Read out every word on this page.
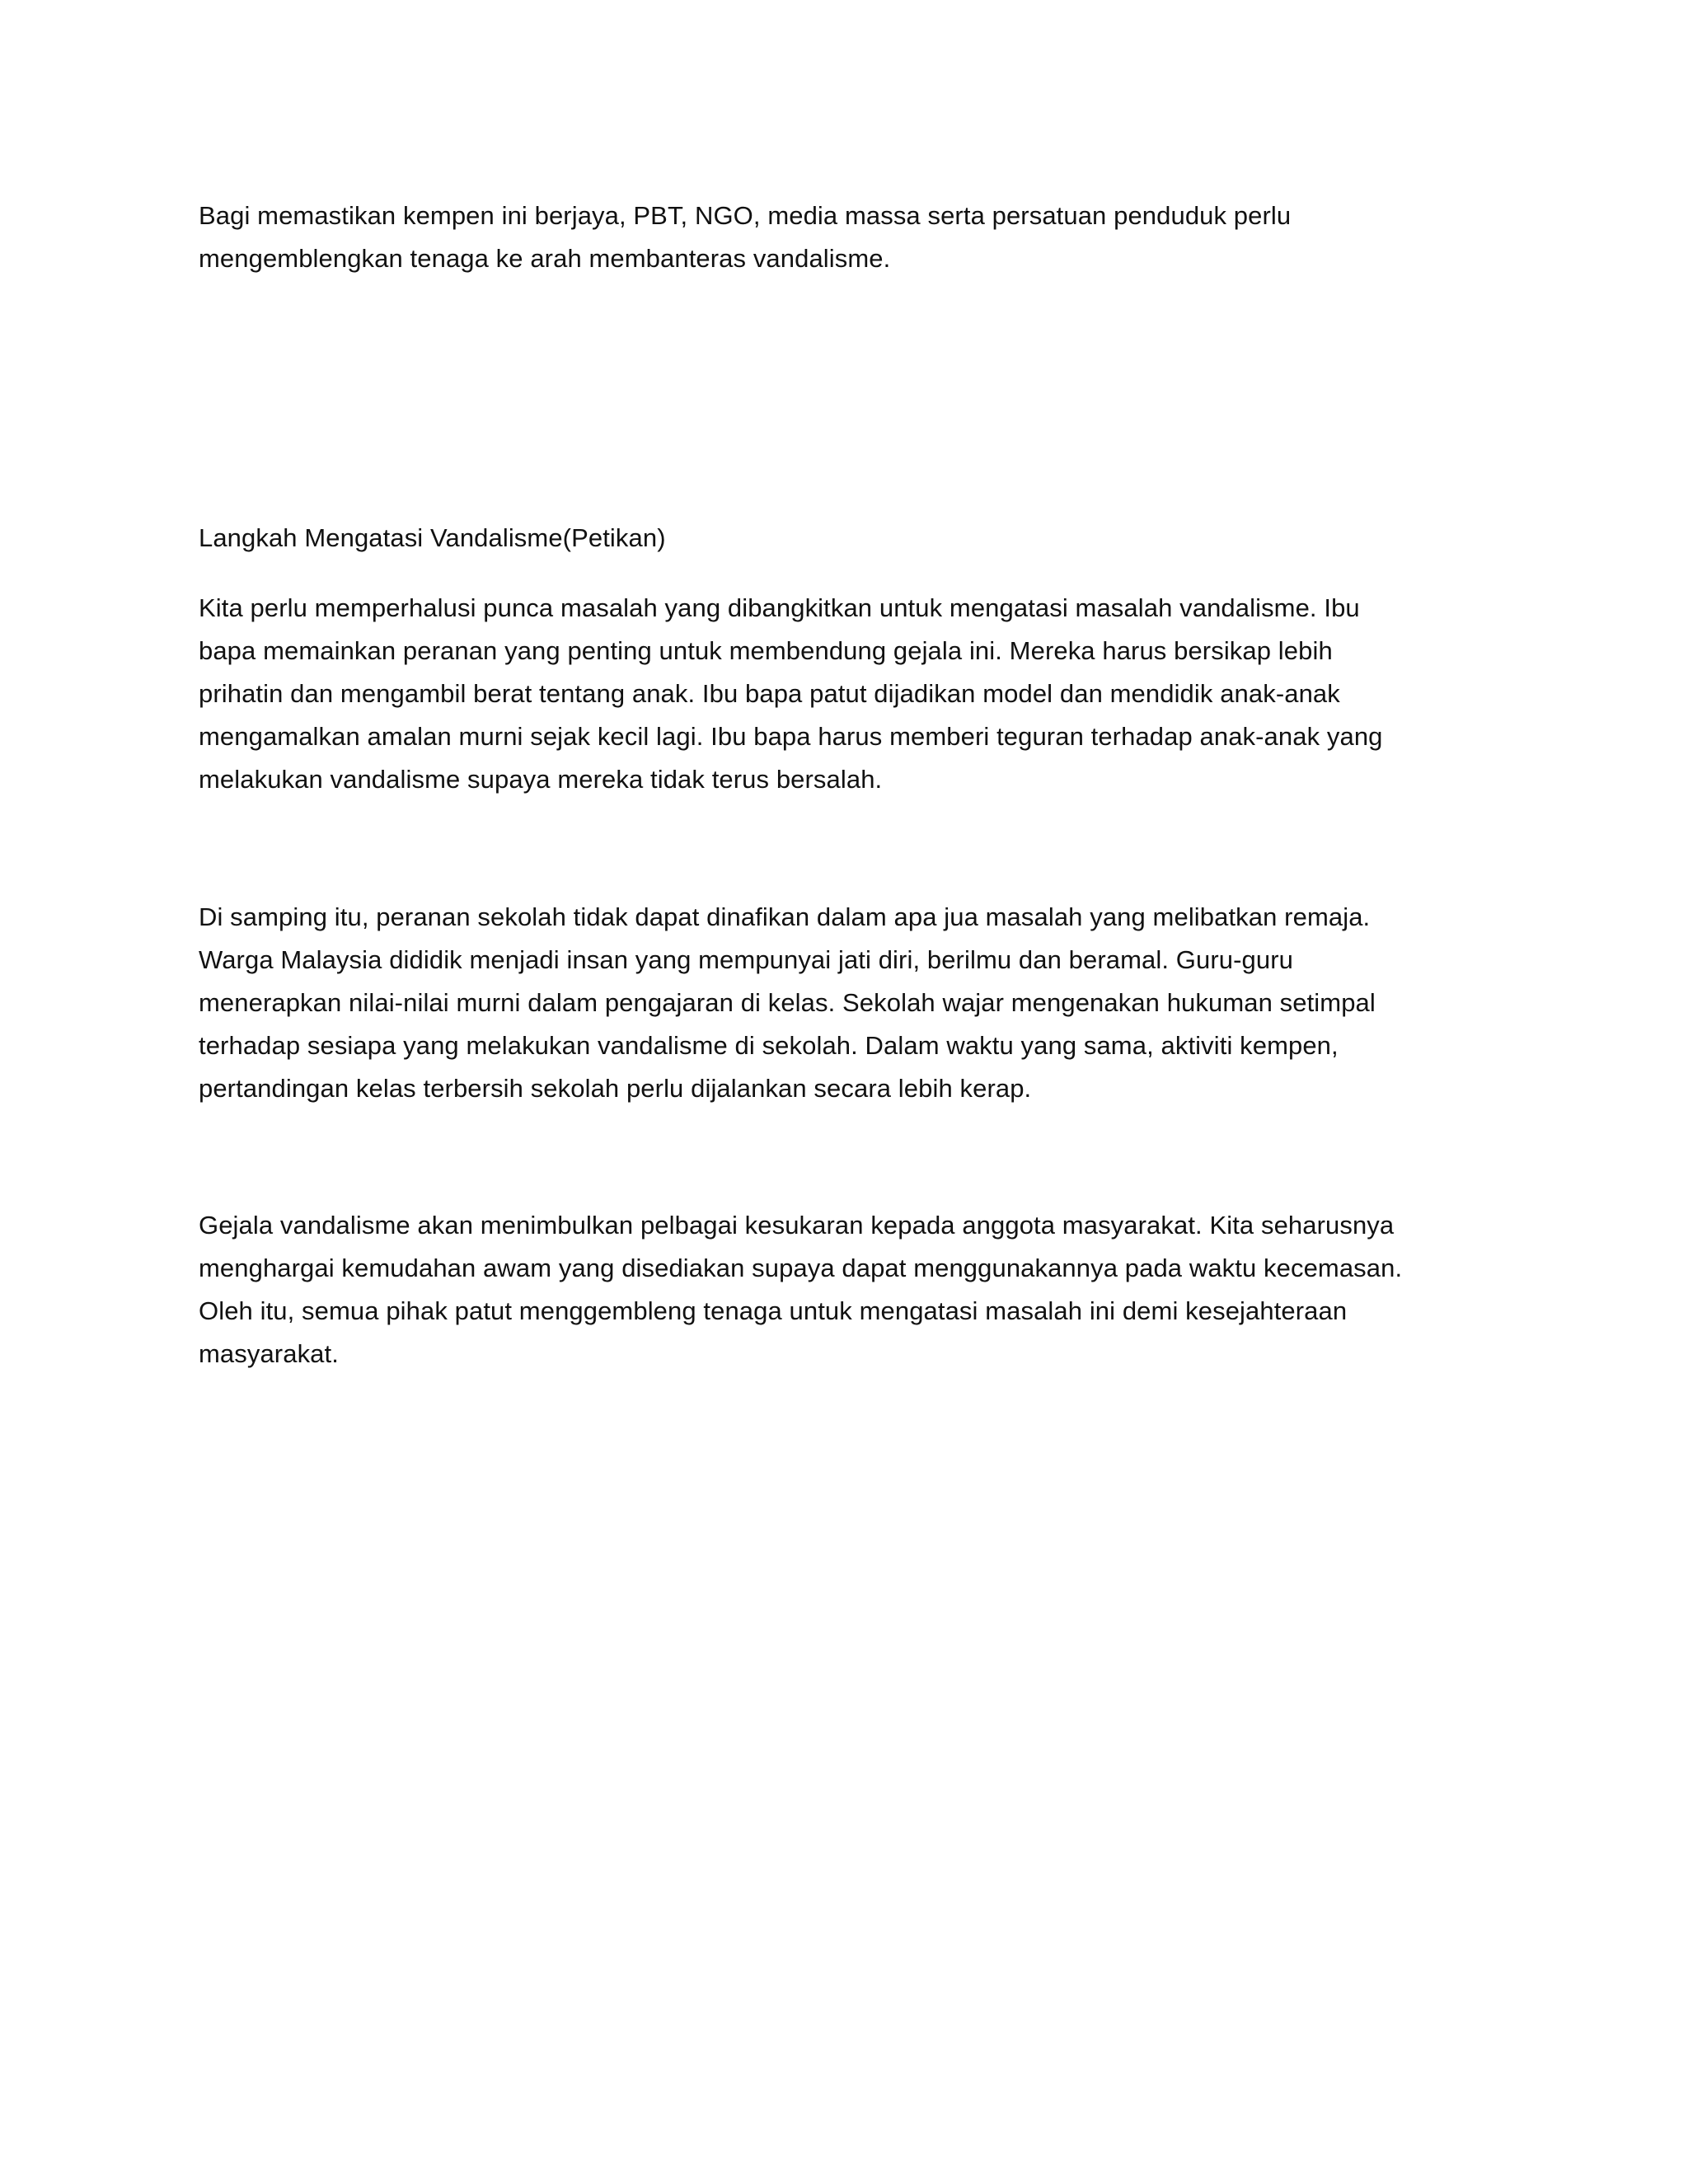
Bagi memastikan kempen ini berjaya, PBT, NGO, media massa serta persatuan penduduk perlu
mengemblengkan tenaga ke arah membanteras vandalisme.

Langkah Mengatasi Vandalisme(Petikan)

Kita perlu memperhalusi punca masalah yang dibangkitkan untuk mengatasi masalah vandalisme. Ibu
bapa memainkan peranan yang penting untuk membendung gejala ini. Mereka harus bersikap lebih
prihatin dan mengambil berat tentang anak. Ibu bapa patut dijadikan model dan mendidik anak-anak
mengamalkan amalan murni sejak kecil lagi. Ibu bapa harus memberi teguran terhadap anak-anak yang
melakukan vandalisme supaya mereka tidak terus bersalah.

Di samping itu, peranan sekolah tidak dapat dinafikan dalam apa jua masalah yang melibatkan remaja.
Warga Malaysia dididik menjadi insan yang mempunyai jati diri, berilmu dan beramal. Guru-guru
menerapkan nilai-nilai murni dalam pengajaran di kelas. Sekolah wajar mengenakan hukuman setimpal
terhadap sesiapa yang melakukan vandalisme di sekolah. Dalam waktu yang sama, aktiviti kempen,
pertandingan kelas terbersih sekolah perlu dijalankan secara lebih kerap.

Gejala vandalisme akan menimbulkan pelbagai kesukaran kepada anggota masyarakat. Kita seharusnya
menghargai kemudahan awam yang disediakan supaya dapat menggunakannya pada waktu kecemasan.
Oleh itu, semua pihak patut menggembleng tenaga untuk mengatasi masalah ini demi kesejahteraan
masyarakat.
